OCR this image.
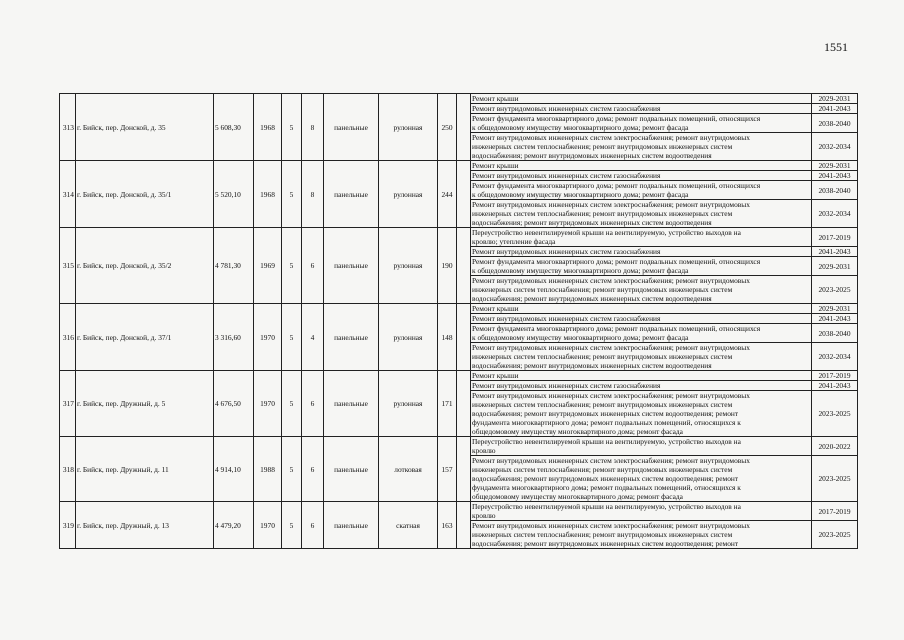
1551
313	г. Бийск, пер. Донской, д. 35	5 608,30	1968	5	8	панельные	рулонная	250		Ремонт крыши	2029-2031

										Ремонт внутридомовых инженерных систем газоснабжения	2041-2043

										Ремонт фундамента многоквартирного дома; ремонт подвальных помещений, относящихся
к общедомовому имуществу многоквартирного дома; ремонт фасада	2038-2040

										Ремонт внутридомовых инженерных систем электроснабжения; ремонт внутридомовых
инженерных систем теплоснабжения; ремонт внутридомовых инженерных систем
водоснабжения; ремонт внутридомовых инженерных систем водоотведения	2032-2034
314	г. Бийск, пер. Донской, д. 35/1	5 520,10	1968	5	8	панельные	рулонная	244		Ремонт крыши	2029-2031

										Ремонт внутридомовых инженерных систем газоснабжения	2041-2043

										Ремонт фундамента многоквартирного дома; ремонт подвальных помещений, относящихся
к общедомовому имуществу многоквартирного дома; ремонт фасада	2038-2040

										Ремонт внутридомовых инженерных систем электроснабжения; ремонт внутридомовых
инженерных систем теплоснабжения; ремонт внутридомовых инженерных систем
водоснабжения; ремонт внутридомовых инженерных систем водоотведения	2032-2034
315	г. Бийск, пер. Донской, д. 35/2	4 781,30	1969	5	6	панельные	рулонная	190		Переустройство невентилируемой крыши на вентилируемую, устройство выходов на
кровлю; утепление фасада	2017-2019

										Ремонт внутридомовых инженерных систем газоснабжения	2041-2043

										Ремонт фундамента многоквартирного дома; ремонт подвальных помещений, относящихся
к общедомовому имуществу многоквартирного дома; ремонт фасада	2029-2031

										Ремонт внутридомовых инженерных систем электроснабжения; ремонт внутридомовых
инженерных систем теплоснабжения; ремонт внутридомовых инженерных систем
водоснабжения; ремонт внутридомовых инженерных систем водоотведения	2023-2025
316	г. Бийск, пер. Донской, д. 37/1	3 316,60	1970	5	4	панельные	рулонная	148		Ремонт крыши	2029-2031

										Ремонт внутридомовых инженерных систем газоснабжения	2041-2043

										Ремонт фундамента многоквартирного дома; ремонт подвальных помещений, относящихся
к общедомовому имуществу многоквартирного дома; ремонт фасада	2038-2040

										Ремонт внутридомовых инженерных систем электроснабжения; ремонт внутридомовых
инженерных систем теплоснабжения; ремонт внутридомовых инженерных систем
водоснабжения; ремонт внутридомовых инженерных систем водоотведения	2032-2034
317	г. Бийск, пер. Дружный, д. 5	4 676,50	1970	5	6	панельные	рулонная	171		Ремонт крыши	2017-2019

										Ремонт внутридомовых инженерных систем газоснабжения	2041-2043

										Ремонт внутридомовых инженерных систем электроснабжения; ремонт внутридомовых
инженерных систем теплоснабжения; ремонт внутридомовых инженерных систем
водоснабжения; ремонт внутридомовых инженерных систем водоотведения; ремонт
фундамента многоквартирного дома; ремонт подвальных помещений, относящихся к
общедомовому имуществу многоквартирного дома; ремонт фасада	2023-2025
318	г. Бийск, пер. Дружный, д. 11	4 914,10	1988	5	6	панельные	лотковая	157		Переустройство невентилируемой крыши на вентилируемую, устройство выходов на
кровлю	2020-2022

										Ремонт внутридомовых инженерных систем электроснабжения; ремонт внутридомовых
инженерных систем теплоснабжения; ремонт внутридомовых инженерных систем
водоснабжения; ремонт внутридомовых инженерных систем водоотведения; ремонт
фундамента многоквартирного дома; ремонт подвальных помещений, относящихся к
общедомовому имуществу многоквартирного дома; ремонт фасада	2023-2025
319	г. Бийск, пер. Дружный, д. 13	4 479,20	1970	5	6	панельные	скатная	163		Переустройство невентилируемой крыши на вентилируемую, устройство выходов на
кровлю	2017-2019

										Ремонт внутридомовых инженерных систем электроснабжения; ремонт внутридомовых
инженерных систем теплоснабжения; ремонт внутридомовых инженерных систем
водоснабжения; ремонт внутридомовых инженерных систем водоотведения; ремонт	2023-2025
